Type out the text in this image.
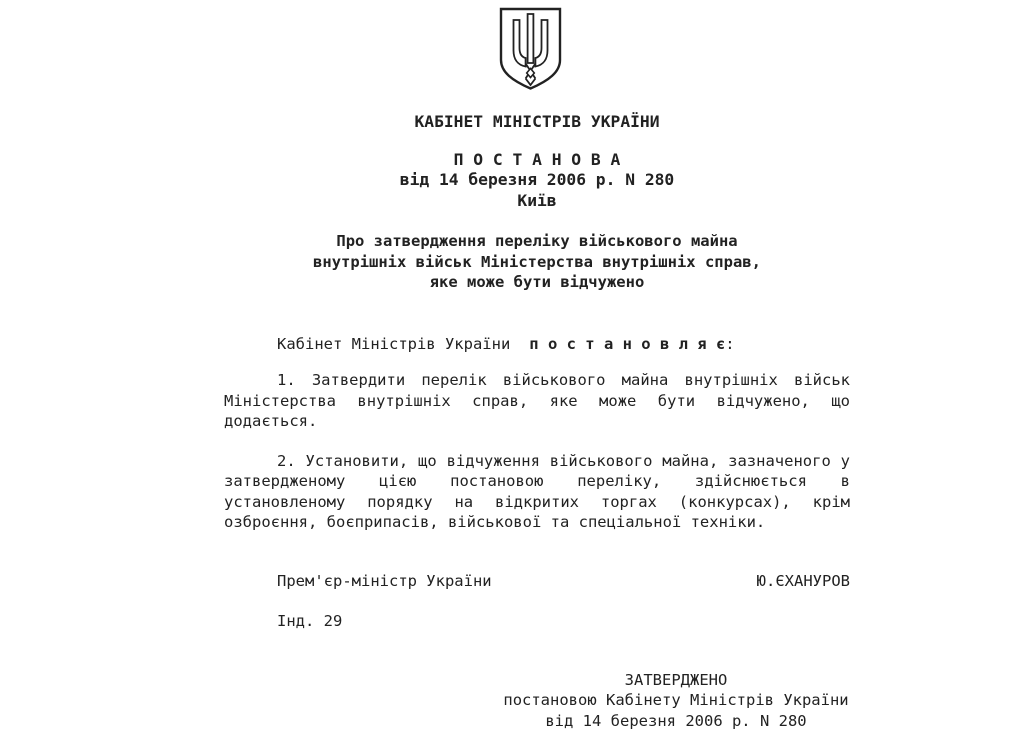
КАБІНЕТ МІНІСТРІВ УКРАЇНИ
П О С Т А Н О В А
від 14 березня 2006 р. N 280
Київ
Про затвердження переліку військового майна
внутрішніх військ Міністерства внутрішніх справ,
яке може бути відчужено

Кабінет Міністрів України п о с т а н о в л я є:

1. Затвердити перелік військового майна внутрішніх військ
Міністерства внутрішніх справ, яке може бути відчужено, що
додається.
2. Установити, що відчуження військового майна, зазначеного у
затвердженому цією постановою переліку, здійснюється в
установленому порядку на відкритих торгах (конкурсах), крім
озброєння, боєприпасів, військової та спеціальної техніки.
Прем'єр-міністр України	Ю.ЄХАНУРОВ
Інд. 29
ЗАТВЕРДЖЕНО
постановою Кабінету Міністрів України
від 14 березня 2006 р. N 280
